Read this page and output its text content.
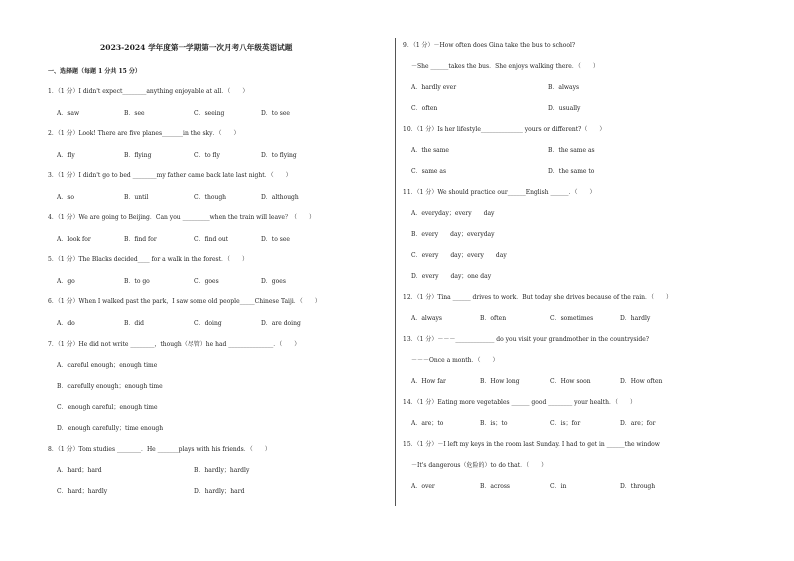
2023-2024 学年度第一学期第一次月考八年级英语试题
一、选择题（每题 1 分共 15 分）
1．（1 分）I didn't expect________anything enjoyable at all．（　　）
A．saw	B．see	C．seeing	D．to see
2．（1 分）Look! There are five planes_______in the sky．（　　）
A．fly	B．flying	C．to fly	D．to flying
3．（1 分）I didn't go to bed ________my father came back late last night．（　　）
A．so	B．until	C．though	D．although
4．（1 分）We are going to Beijing．Can you _________when the train will leave？（　　）
A．look for	B．find for	C．find out	D．to see
5．（1 分）The Blacks decided____ for a walk in the forest．（　　）
A．go	B．to go	C．goes	D．goes
6．（1 分）When I walked past the park，I saw some old people_____Chinese Taiji．（　　）
A．do	B．did	C．doing	D．are doing
7．（1 分）He did not write ________，though（尽管）he had _______________．（　　）
A．careful enough；enough time
B．carefully enough；enough time
C．enough careful；enough time
D．enough carefully；time enough
8．（1 分）Tom studies ________．He _______plays with his friends．（　　）
A．hard；hard	B．hardly；hardly
C．hard；hardly	D．hardly；hard
9．（1 分）－How often does Gina take the bus to school?
－She ______takes the bus．She enjoys walking there．（　　）
A．hardly ever	B．always
C．often	D．usually
10．（1 分）Is her lifestyle______________ yours or different?（　　）
A．the same	B．the same as
C．same as	D．the same to
11．（1 分）We should practice our______English ______．（　　）
A．everyday；every　　day
B．every　　day；everyday
C．every　　day；every　　day
D．every　　day；one day
12．（1 分）Tina ______ drives to work．But today she drives because of the rain．（　　）
A．always	B．often	C．sometimes	D．hardly
13．（1 分）－－－_____________ do you visit your grandmother in the countryside?
－－－Once a month．（　　）
A．How far	B．How long	C．How soon	D．How often
14．（1 分）Eating more vegetables ______ good ________ your health．（　　）
A．are；to	B．is；to	C．is；for	D．are；for
15．（1 分）－I left my keys in the room last Sunday. I had to get in ______the window
－It's dangerous（危险的）to do that．（　　）
A．over	B．across	C．in	D．through
